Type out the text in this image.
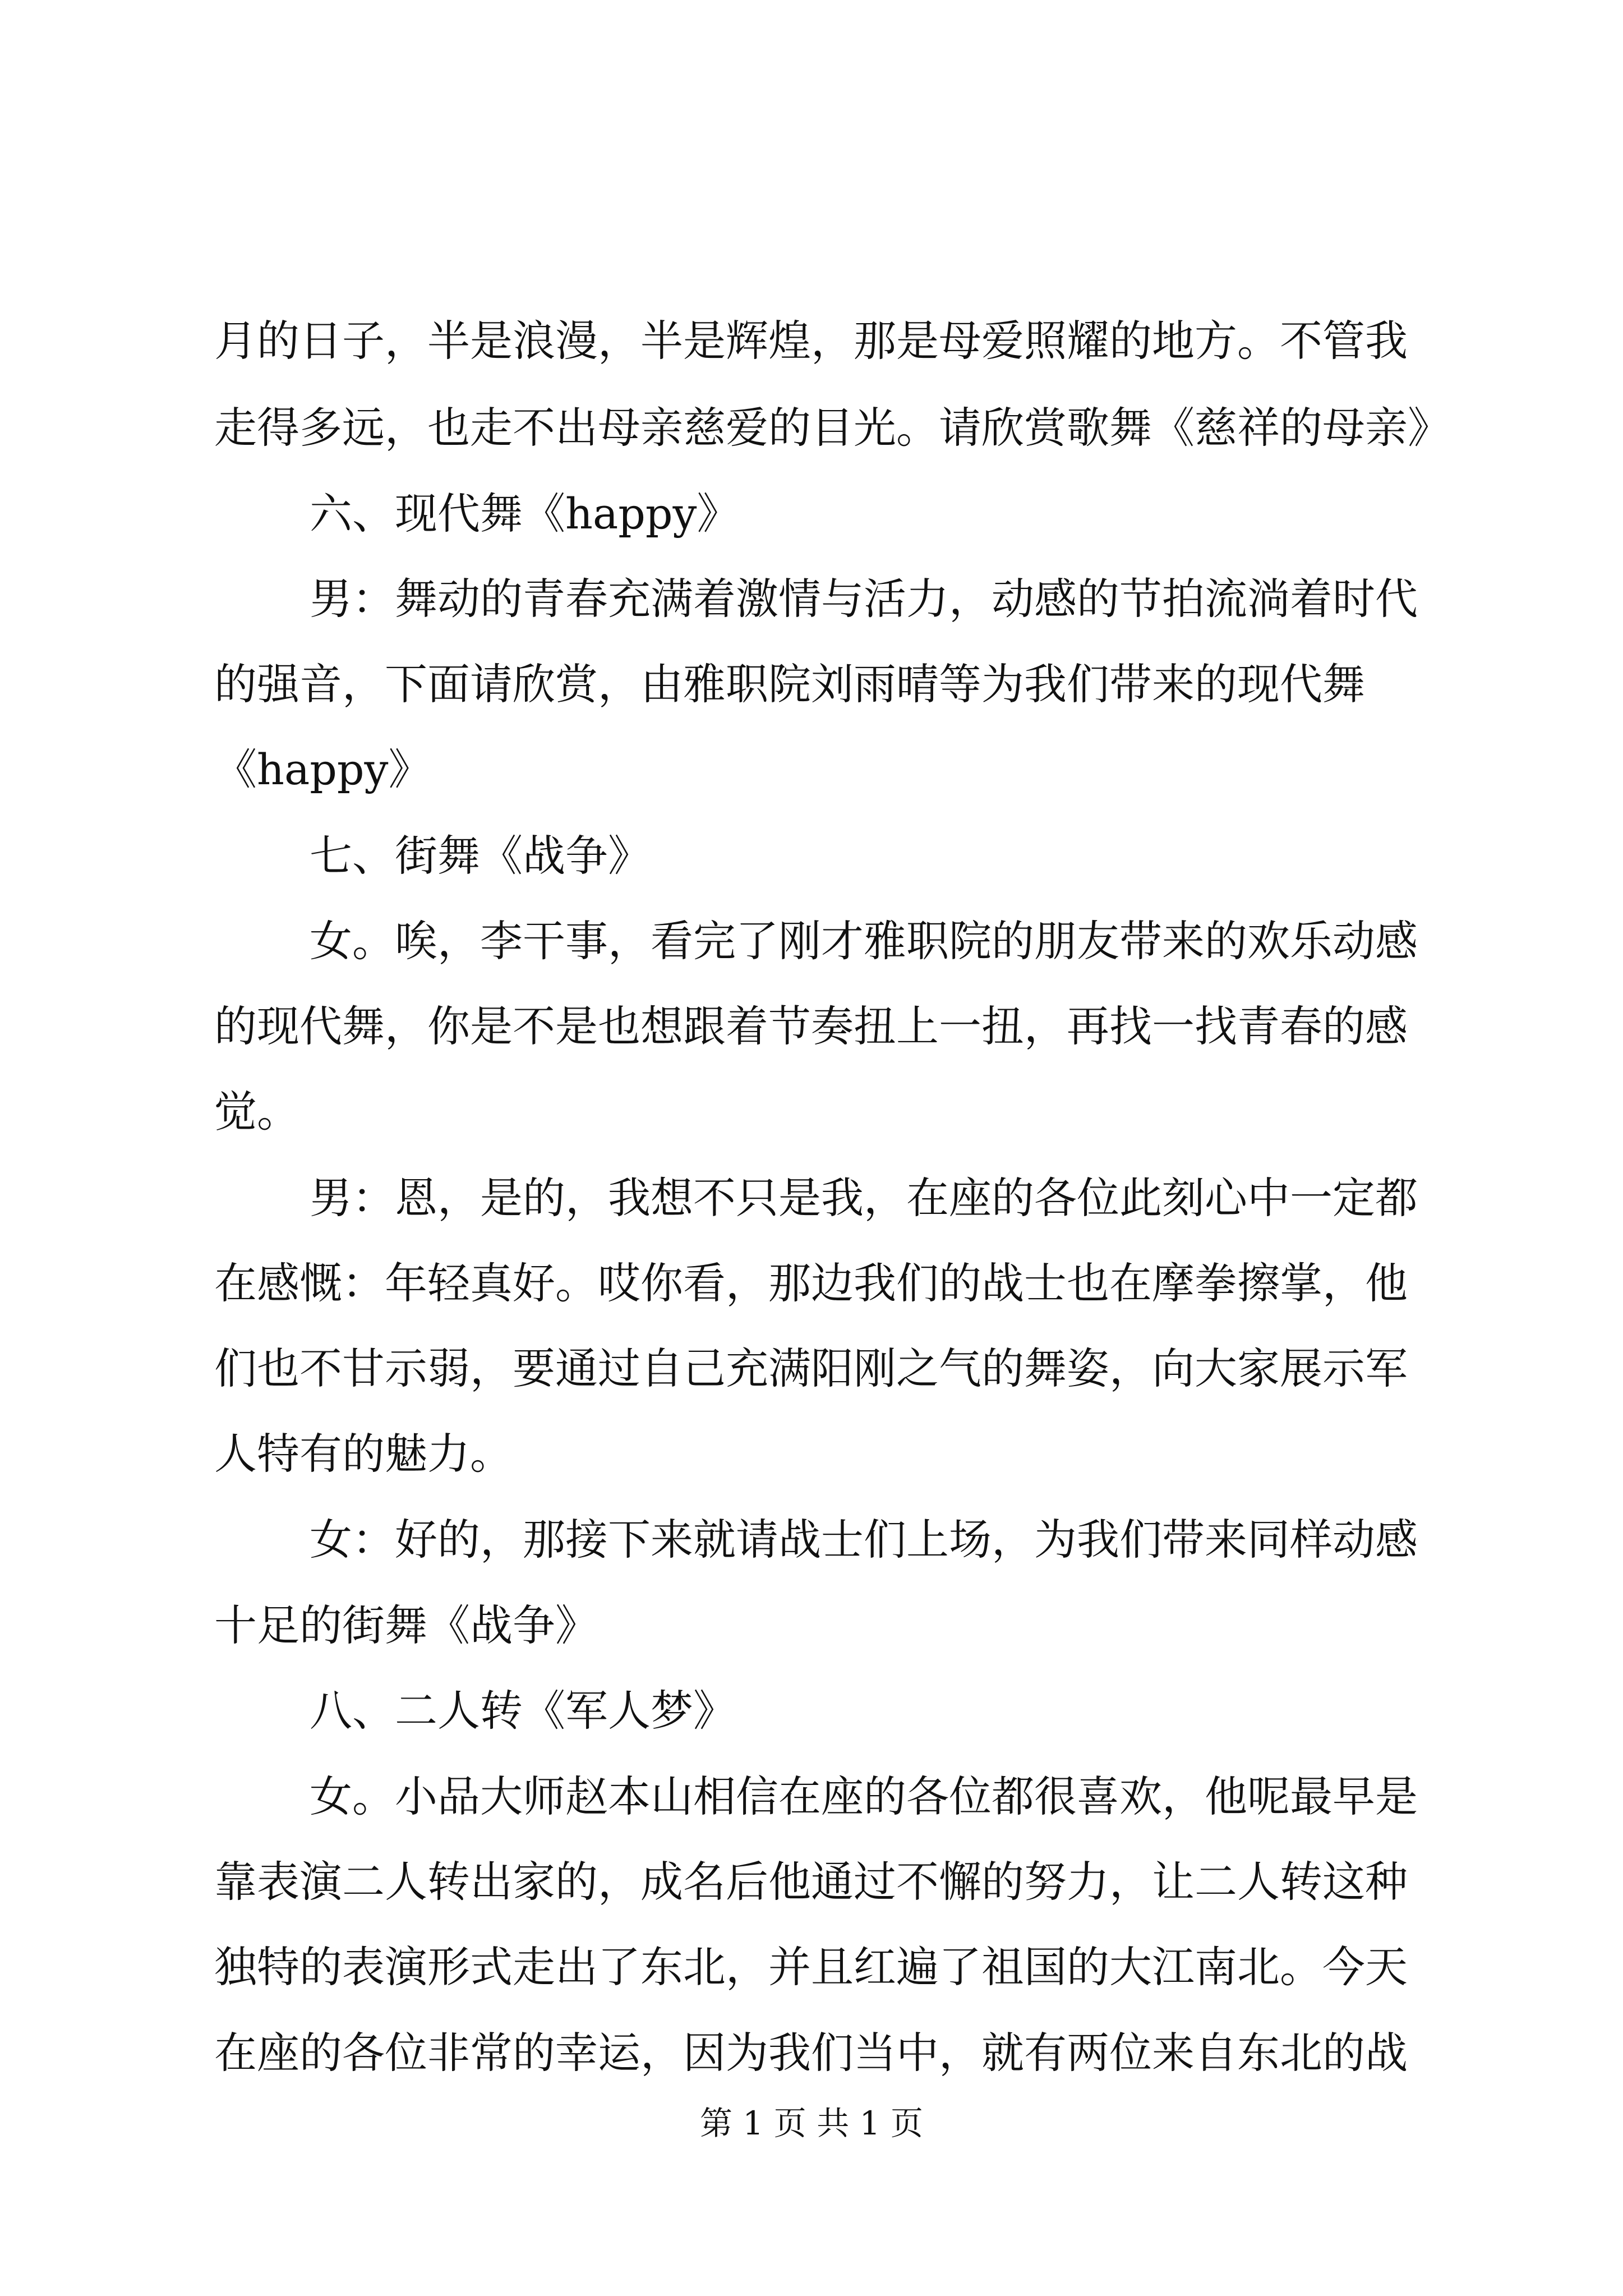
月的日子，半是浪漫，半是辉煌，那是母爱照耀的地方。不管我
走得多远，也走不出母亲慈爱的目光。请欣赏歌舞《慈祥的母亲》
六、现代舞《happy》
男：舞动的青春充满着激情与活力，动感的节拍流淌着时代
的强音，下面请欣赏，由雅职院刘雨晴等为我们带来的现代舞
《happy》
七、街舞《战争》
女。唉，李干事，看完了刚才雅职院的朋友带来的欢乐动感
的现代舞，你是不是也想跟着节奏扭上一扭，再找一找青春的感
觉。
男：恩，是的，我想不只是我，在座的各位此刻心中一定都
在感慨：年轻真好。哎你看，那边我们的战士也在摩拳擦掌，他
们也不甘示弱，要通过自己充满阳刚之气的舞姿，向大家展示军
人特有的魅力。
女：好的，那接下来就请战士们上场，为我们带来同样动感
十足的街舞《战争》
八、二人转《军人梦》
女。小品大师赵本山相信在座的各位都很喜欢，他呢最早是
靠表演二人转出家的，成名后他通过不懈的努力，让二人转这种
独特的表演形式走出了东北，并且红遍了祖国的大江南北。今天
在座的各位非常的幸运，因为我们当中，就有两位来自东北的战
第 1 页 共 1 页
